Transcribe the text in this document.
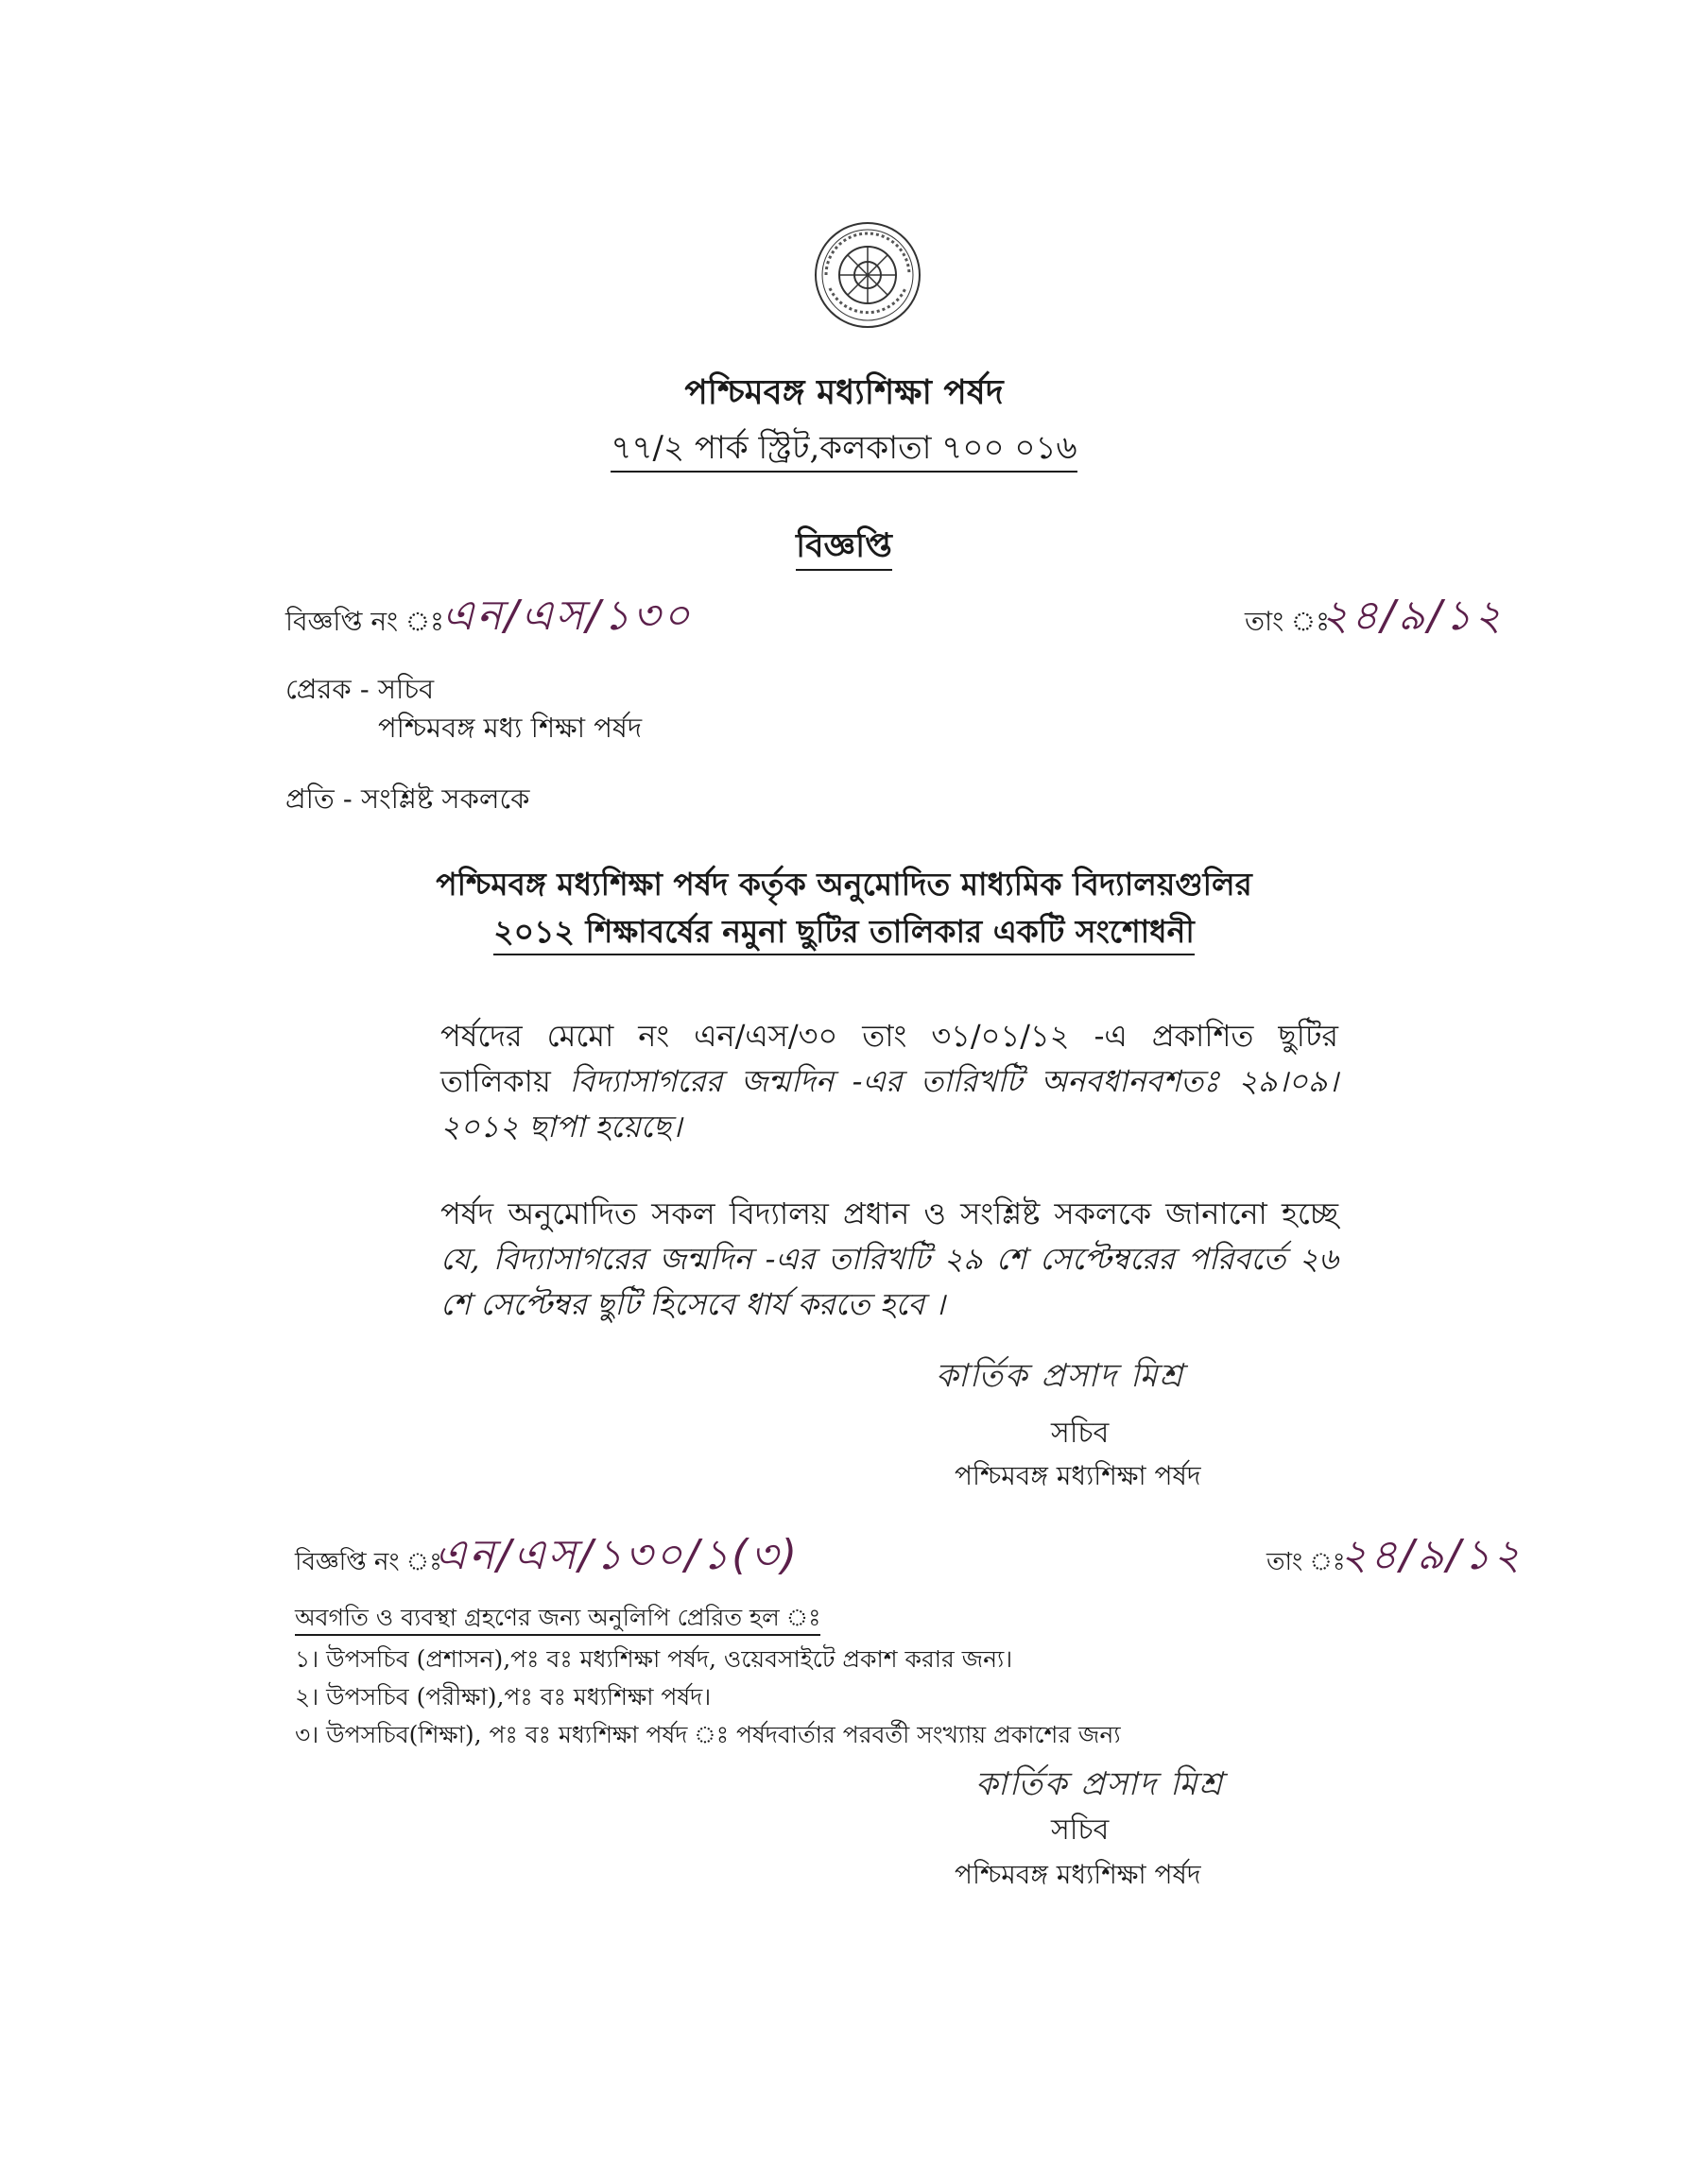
পশ্চিমবঙ্গ মধ্যশিক্ষা পর্ষদ
৭৭/২ পার্ক স্ট্রিট,কলকাতা ৭০০ ০১৬
বিজ্ঞপ্তি
বিজ্ঞপ্তি নং ঃ
এন/এস/১৩০	তাং ঃ
২৪/৯/১২
প্রেরক - সচিব
পশ্চিমবঙ্গ মধ্য শিক্ষা পর্ষদ
প্রতি - সংশ্লিষ্ট সকলকে
পশ্চিমবঙ্গ মধ্যশিক্ষা পর্ষদ কর্তৃক অনুমোদিত মাধ্যমিক বিদ্যালয়গুলির
২০১২ শিক্ষাবর্ষের নমুনা ছুটির তালিকার একটি সংশোধনী
পর্ষদের মেমো নং এন/এস/৩০ তাং ৩১/০১/১২ -এ প্রকাশিত ছুটির তালিকায় বিদ্যাসাগরের জন্মদিন -এর তারিখটি অনবধানবশতঃ ২৯।০৯।২০১২ ছাপা হয়েছে।
পর্ষদ অনুমোদিত সকল বিদ্যালয় প্রধান ও সংশ্লিষ্ট সকলকে জানানো হচ্ছে যে, বিদ্যাসাগরের জন্মদিন -এর তারিখটি ২৯ শে সেপ্টেম্বরের পরিবর্তে ২৬ শে সেপ্টেম্বর ছুটি হিসেবে ধার্য করতে হবে ।
কার্তিক প্রসাদ মিশ্র
সচিব
পশ্চিমবঙ্গ মধ্যশিক্ষা পর্ষদ
বিজ্ঞপ্তি নং ঃ
এন/এস/১৩০/১(৩)	তাং ঃ
২৪/৯/১২
অবগতি ও ব্যবস্থা গ্রহণের জন্য অনুলিপি প্রেরিত হল ঃ
১। উপসচিব (প্রশাসন),পঃ বঃ মধ্যশিক্ষা পর্ষদ, ওয়েবসাইটে প্রকাশ করার জন্য।
২। উপসচিব (পরীক্ষা),পঃ বঃ মধ্যশিক্ষা পর্ষদ।
৩। উপসচিব(শিক্ষা), পঃ বঃ মধ্যশিক্ষা পর্ষদ ঃ পর্ষদবার্তার পরবর্তী সংখ্যায় প্রকাশের জন্য
কার্তিক প্রসাদ মিশ্র
সচিব
পশ্চিমবঙ্গ মধ্যশিক্ষা পর্ষদ
